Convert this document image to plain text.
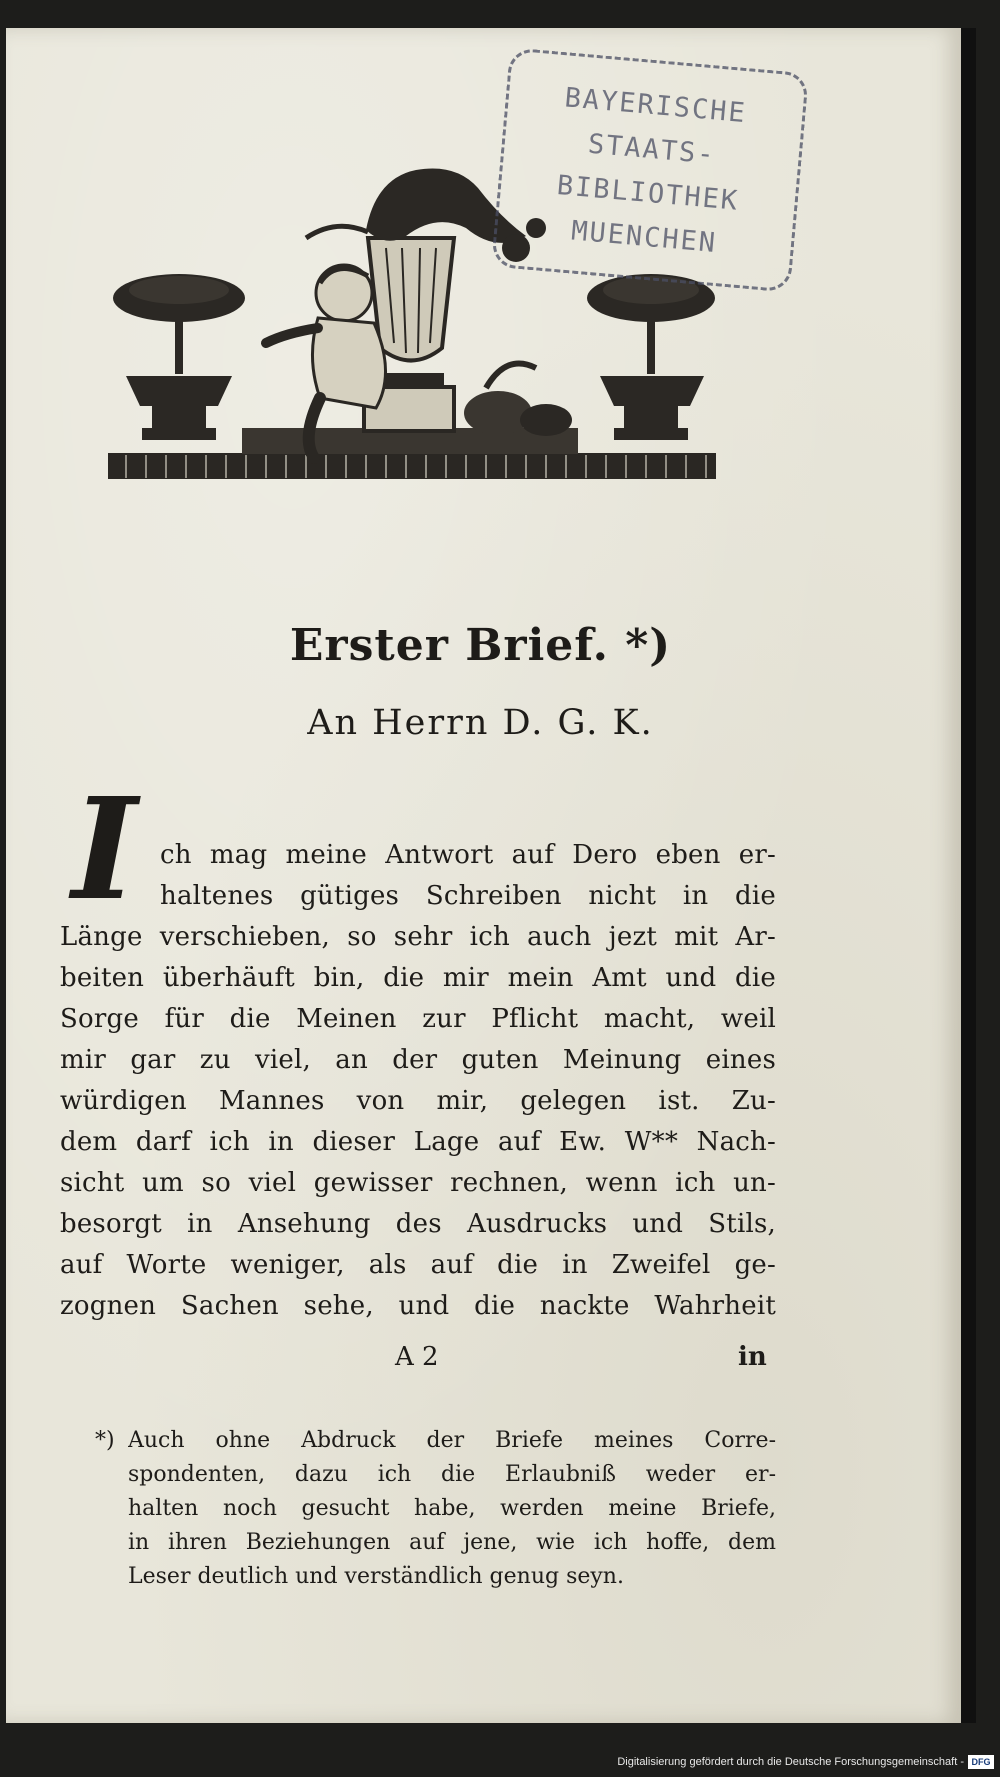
BAYERISCHE
STAATS-
BIBLIOTHEK
MUENCHEN
Erster Brief. *)
An Herrn D. G. K.
I ch mag meine Antwort auf Dero eben er-
haltenes gütiges Schreiben nicht in die
Länge verschieben, so sehr ich auch jezt mit Ar-
beiten überhäuft bin, die mir mein Amt und die
Sorge für die Meinen zur Pflicht macht, weil
mir gar zu viel, an der guten Meinung eines
würdigen Mannes von mir, gelegen ist. Zu-
dem darf ich in dieser Lage auf Ew. W** Nach-
sicht um so viel gewisser rechnen, wenn ich un-
besorgt in Ansehung des Ausdrucks und Stils,
auf Worte weniger, als auf die in Zweifel ge-
zognen Sachen sehe, und die nackte Wahrheit
A 2	in
*) Auch ohne Abdruck der Briefe meines Corre-
spondenten, dazu ich die Erlaubniß weder er-
halten noch gesucht habe, werden meine Briefe,
in ihren Beziehungen auf jene, wie ich hoffe, dem
Leser deutlich und verständlich genug seyn.
Digitalisierung gefördert durch die Deutsche Forschungsgemeinschaft - DFG
